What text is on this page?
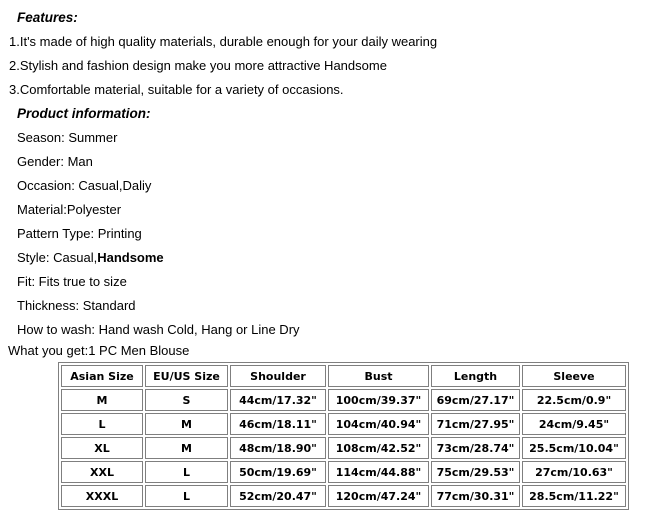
Features:

1.It's made of high quality materials, durable enough for your daily wearing

2.Stylish and fashion design make you more attractive Handsome

3.Comfortable material, suitable for a variety of occasions.

Product information:

Season: Summer

Gender: Man

Occasion: Casual,Daliy

Material:Polyester

Pattern Type: Printing

Style: Casual,Handsome

Fit: Fits true to size

Thickness: Standard

How to wash: Hand wash Cold, Hang or Line Dry

What you get:1 PC Men Blouse

Asian Size	EU/US Size	Shoulder	Bust	Length	Sleeve
M	S	44cm/17.32"	100cm/39.37"	69cm/27.17"	22.5cm/0.9"
L	M	46cm/18.11"	104cm/40.94"	71cm/27.95"	24cm/9.45"
XL	M	48cm/18.90"	108cm/42.52"	73cm/28.74"	25.5cm/10.04"
XXL	L	50cm/19.69"	114cm/44.88"	75cm/29.53"	27cm/10.63"
XXXL	L	52cm/20.47"	120cm/47.24"	77cm/30.31"	28.5cm/11.22"
